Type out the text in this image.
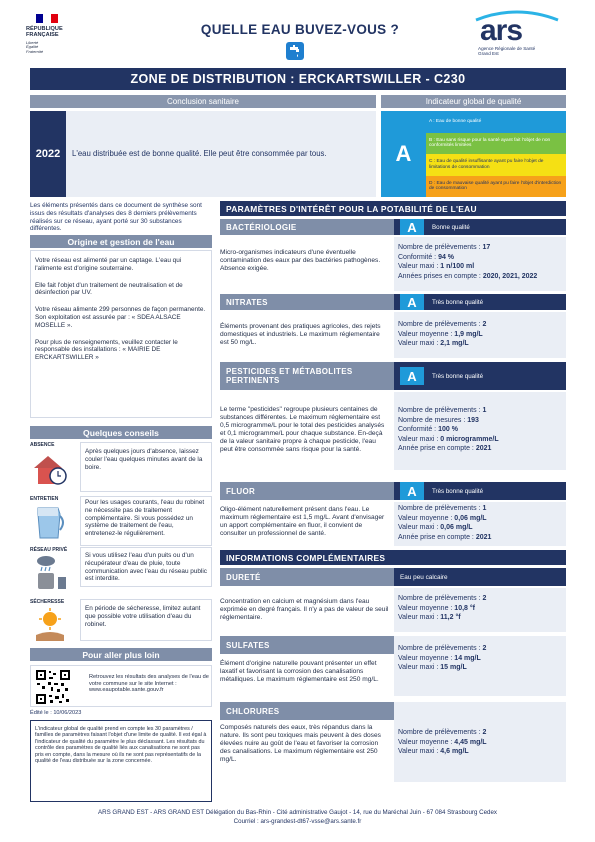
RÉPUBLIQUE
FRANÇAISE
Liberté
Égalité
Fraternité
QUELLE EAU BUVEZ-VOUS ?	ars
Agence Régionale de Santé
Grand Est
ZONE DE DISTRIBUTION : ERCKARTSWILLER - C230
Conclusion sanitaire	Indicateur global de qualité
2022	L'eau distribuée est de bonne qualité. Elle peut être consommée par tous.	A
A : Eau de bonne qualité
B : Eau sans risque pour la santé ayant fait l'objet de non conformités limitées
C : Eau de qualité insuffisante ayant pu faire l'objet de limitations de consommation
D : Eau de mauvaise qualité ayant pu faire l'objet d'interdiction de consommation
Les éléments présentés dans ce document de synthèse sont issus des résultats d'analyses des 8 derniers prélèvements réalisés sur ce réseau, ayant porté sur 30 substances différentes.
Origine et gestion de l'eau

Votre réseau est alimenté par un captage. L'eau qui l'alimente est d'origine souterraine.

Elle fait l'objet d'un traitement de neutralisation et de désinfection par UV.

Votre réseau alimente 299 personnes de façon permanente. Son exploitation est assurée par : « SDEA ALSACE MOSELLE ».

Pour plus de renseignements, veuillez contacter le responsable des installations : « MAIRIE DE ERCKARTSWILLER »

Quelques conseils
ABSENCE
Après quelques jours d'absence, laissez couler l'eau quelques minutes avant de la boire.
ENTRETIEN	Pour les usages courants, l'eau du robinet ne nécessite pas de traitement complémentaire. Si vous possédez un système de traitement de l'eau, entretenez-le régulièrement.
RÉSEAU PRIVÉ
Si vous utilisez l'eau d'un puits ou d'un récupérateur d'eau de pluie, toute communication avec l'eau du réseau public est interdite.
SÉCHERESSE
En période de sécheresse, limitez autant que possible votre utilisation d'eau du robinet.
Pour aller plus loin
Retrouvez les résultats des analyses de l'eau de votre commune sur le site Internet : www.eaupotable.sante.gouv.fr
Édité le : 10/06/2023
L'indicateur global de qualité prend en compte les 30 paramètres / familles de paramètres faisant l'objet d'une limite de qualité. Il est égal à l'indicateur de qualité du paramètre le plus déclassant. Les résultats du contrôle des paramètres de qualité liés aux canalisations ne sont pas pris en compte, dans la mesure où ils ne sont pas représentatifs de la qualité de l'eau distribuée sur la zone concernée.
PARAMÈTRES D'INTÉRÊT POUR LA POTABILITÉ DE L'EAU
BACTÉRIOLOGIE	A	Bonne qualité
Micro-organismes indicateurs d'une éventuelle contamination des eaux par des bactéries pathogènes. Absence exigée.
Nombre de prélèvements : 17
Conformité : 94 %
Valeur maxi : 1 n/100 ml
Années prises en compte : 2020, 2021, 2022
NITRATES	A	Très bonne qualité
Éléments provenant des pratiques agricoles, des rejets domestiques et industriels. Le maximum réglementaire est 50 mg/L.
Nombre de prélèvements : 2
Valeur moyenne : 1,9 mg/L
Valeur maxi : 2,1 mg/L
PESTICIDES ET MÉTABOLITES PERTINENTS	A	Très bonne qualité
Le terme "pesticides" regroupe plusieurs centaines de substances différentes. Le maximum réglementaire est 0,5 microgramme/L pour le total des pesticides analysés et 0,1 microgramme/L pour chaque substance. En-deçà de la valeur sanitaire propre à chaque pesticide, l'eau peut être consommée sans risque pour la santé.
Nombre de prélèvements : 1
Nombre de mesures : 193
Conformité : 100 %
Valeur maxi : 0 microgramme/L
Année prise en compte : 2021
FLUOR	A	Très bonne qualité
Oligo-élément naturellement présent dans l'eau. Le maximum réglementaire est 1,5 mg/L. Avant d'envisager un apport complémentaire en fluor, il convient de consulter un professionnel de santé.
Nombre de prélèvements : 1
Valeur moyenne : 0,06 mg/L
Valeur maxi : 0,06 mg/L
Année prise en compte : 2021
INFORMATIONS COMPLÉMENTAIRES
DURETÉ	Eau peu calcaire
Concentration en calcium et magnésium dans l'eau exprimée en degré français. Il n'y a pas de valeur de seuil réglementaire.
Nombre de prélèvements : 2
Valeur moyenne : 10,8 °f
Valeur maxi : 11,2 °f
SULFATES
Élément d'origine naturelle pouvant présenter un effet laxatif et favorisant la corrosion des canalisations métalliques. Le maximum réglementaire est 250 mg/L.
Nombre de prélèvements : 2
Valeur moyenne : 14 mg/L
Valeur maxi : 15 mg/L
CHLORURES
Composés naturels des eaux, très répandus dans la nature. Ils sont peu toxiques mais peuvent à des doses élevées nuire au goût de l'eau et favoriser la corrosion des canalisations. Le maximum réglementaire est 250 mg/L.
Nombre de prélèvements : 2
Valeur moyenne : 4,45 mg/L
Valeur maxi : 4,6 mg/L
ARS GRAND EST - ARS GRAND EST Délégation du Bas-Rhin - Cité administrative Gaujot - 14, rue du Maréchal Juin - 67 084 Strasbourg Cedex
Courriel : ars-grandest-dt67-vsse@ars.sante.fr
